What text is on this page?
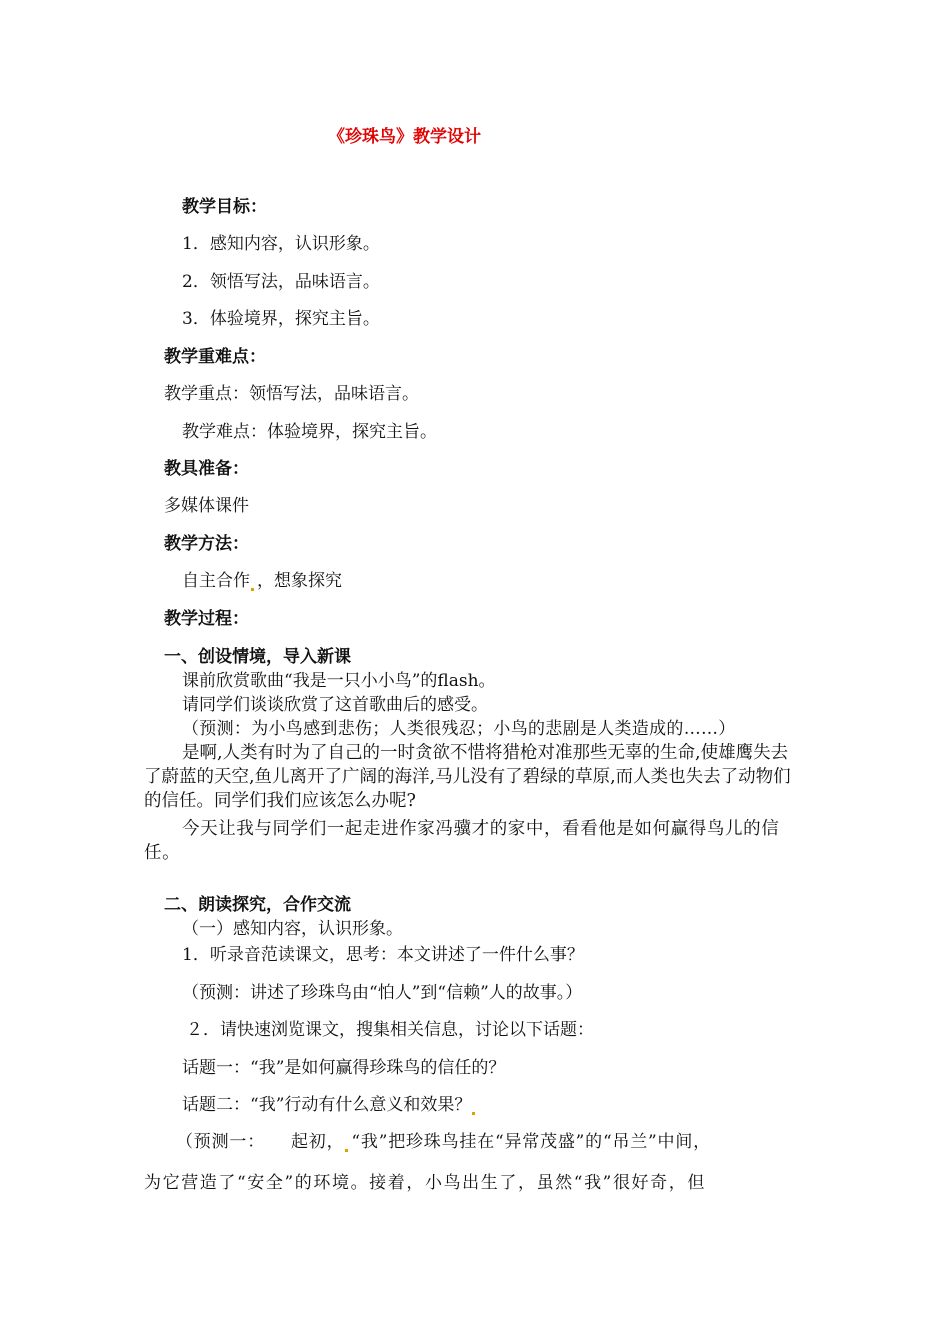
《珍珠鸟》教学设计
教学目标：
1．感知内容，认识形象。
2．领悟写法，品味语言。
3．体验境界，探究主旨。
教学重难点：
教学重点：领悟写法，品味语言。
教学难点：体验境界，探究主旨。
教具准备：
多媒体课件
教学方法：
自主合作 ，想象探究
教学过程：
一、创设情境，导入新课
课前欣赏歌曲“我是一只小小鸟”的flash。
请同学们谈谈欣赏了这首歌曲后的感受。
（预测：为小鸟感到悲伤；人类很残忍；小鸟的悲剧是人类造成的……）
是啊,人类有时为了自己的一时贪欲不惜将猎枪对准那些无辜的生命,使雄鹰失去了蔚蓝的天空,鱼儿离开了广阔的海洋,马儿没有了碧绿的草原,而人类也失去了动物们的信任。同学们我们应该怎么办呢?
今天让我与同学们一起走进作家冯骥才的家中，看看他是如何赢得鸟儿的信任。
二、朗读探究，合作交流
（一）感知内容，认识形象。
1．听录音范读课文，思考：本文讲述了一件什么事？
（预测：讲述了珍珠鸟由“怕人”到“信赖”人的故事。）
２．请快速浏览课文，搜集相关信息，讨论以下话题：
话题一：“我”是如何赢得珍珠鸟的信任的？
话题二：“我”行动有什么意义和效果？
（预测一： 起初， “我”把珍珠鸟挂在“异常茂盛”的“吊兰”中间，
为它营造了“安全”的环境。接着，小鸟出生了，虽然“我”很好奇，但
